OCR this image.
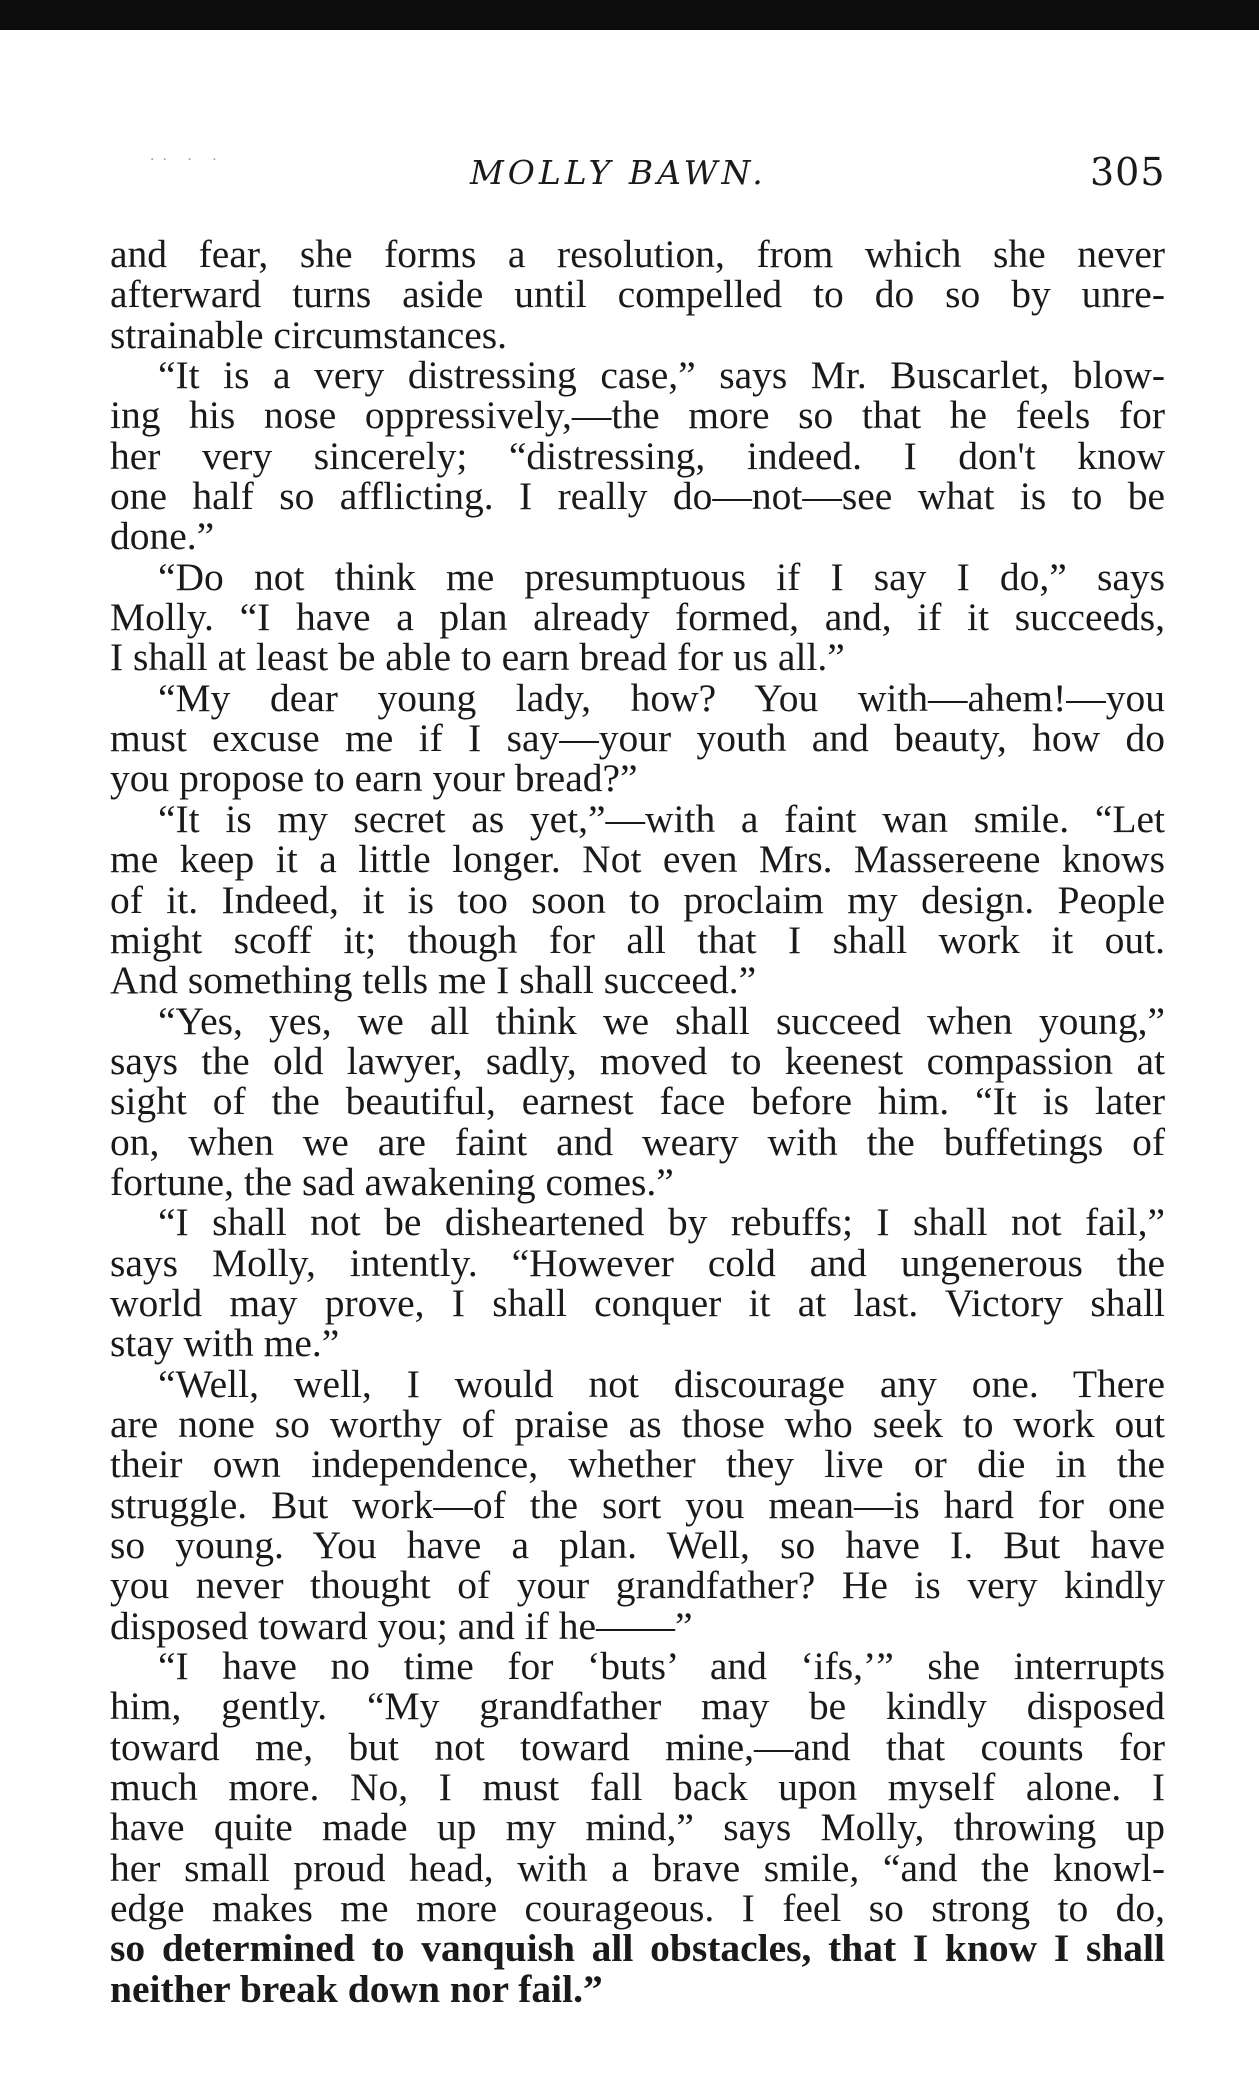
·· · ·	MOLLY BAWN.	305
and fear, she forms a resolution, from which she never
afterward turns aside until compelled to do so by unre-
strainable circumstances.
“It is a very distressing case,” says Mr. Buscarlet, blow-
ing his nose oppressively,—the more so that he feels for
her very sincerely; “distressing, indeed. I don't know
one half so afflicting. I really do—not—see what is to be
done.”
“Do not think me presumptuous if I say I do,” says
Molly. “I have a plan already formed, and, if it succeeds,
I shall at least be able to earn bread for us all.”
“My dear young lady, how? You with—ahem!—you
must excuse me if I say—your youth and beauty, how do
you propose to earn your bread?”
“It is my secret as yet,”—with a faint wan smile. “Let
me keep it a little longer. Not even Mrs. Massereene knows
of it. Indeed, it is too soon to proclaim my design. People
might scoff it; though for all that I shall work it out.
And something tells me I shall succeed.”
“Yes, yes, we all think we shall succeed when young,”
says the old lawyer, sadly, moved to keenest compassion at
sight of the beautiful, earnest face before him. “It is later
on, when we are faint and weary with the buffetings of
fortune, the sad awakening comes.”
“I shall not be disheartened by rebuffs; I shall not fail,”
says Molly, intently. “However cold and ungenerous the
world may prove, I shall conquer it at last. Victory shall
stay with me.”
“Well, well, I would not discourage any one. There
are none so worthy of praise as those who seek to work out
their own independence, whether they live or die in the
struggle. But work—of the sort you mean—is hard for one
so young. You have a plan. Well, so have I. But have
you never thought of your grandfather? He is very kindly
disposed toward you; and if he——”
“I have no time for ‘buts’ and ‘ifs,’” she interrupts
him, gently. “My grandfather may be kindly disposed
toward me, but not toward mine,—and that counts for
much more. No, I must fall back upon myself alone. I
have quite made up my mind,” says Molly, throwing up
her small proud head, with a brave smile, “and the knowl-
edge makes me more courageous. I feel so strong to do,
so determined to vanquish all obstacles, that I know I shall
neither break down nor fail.”
